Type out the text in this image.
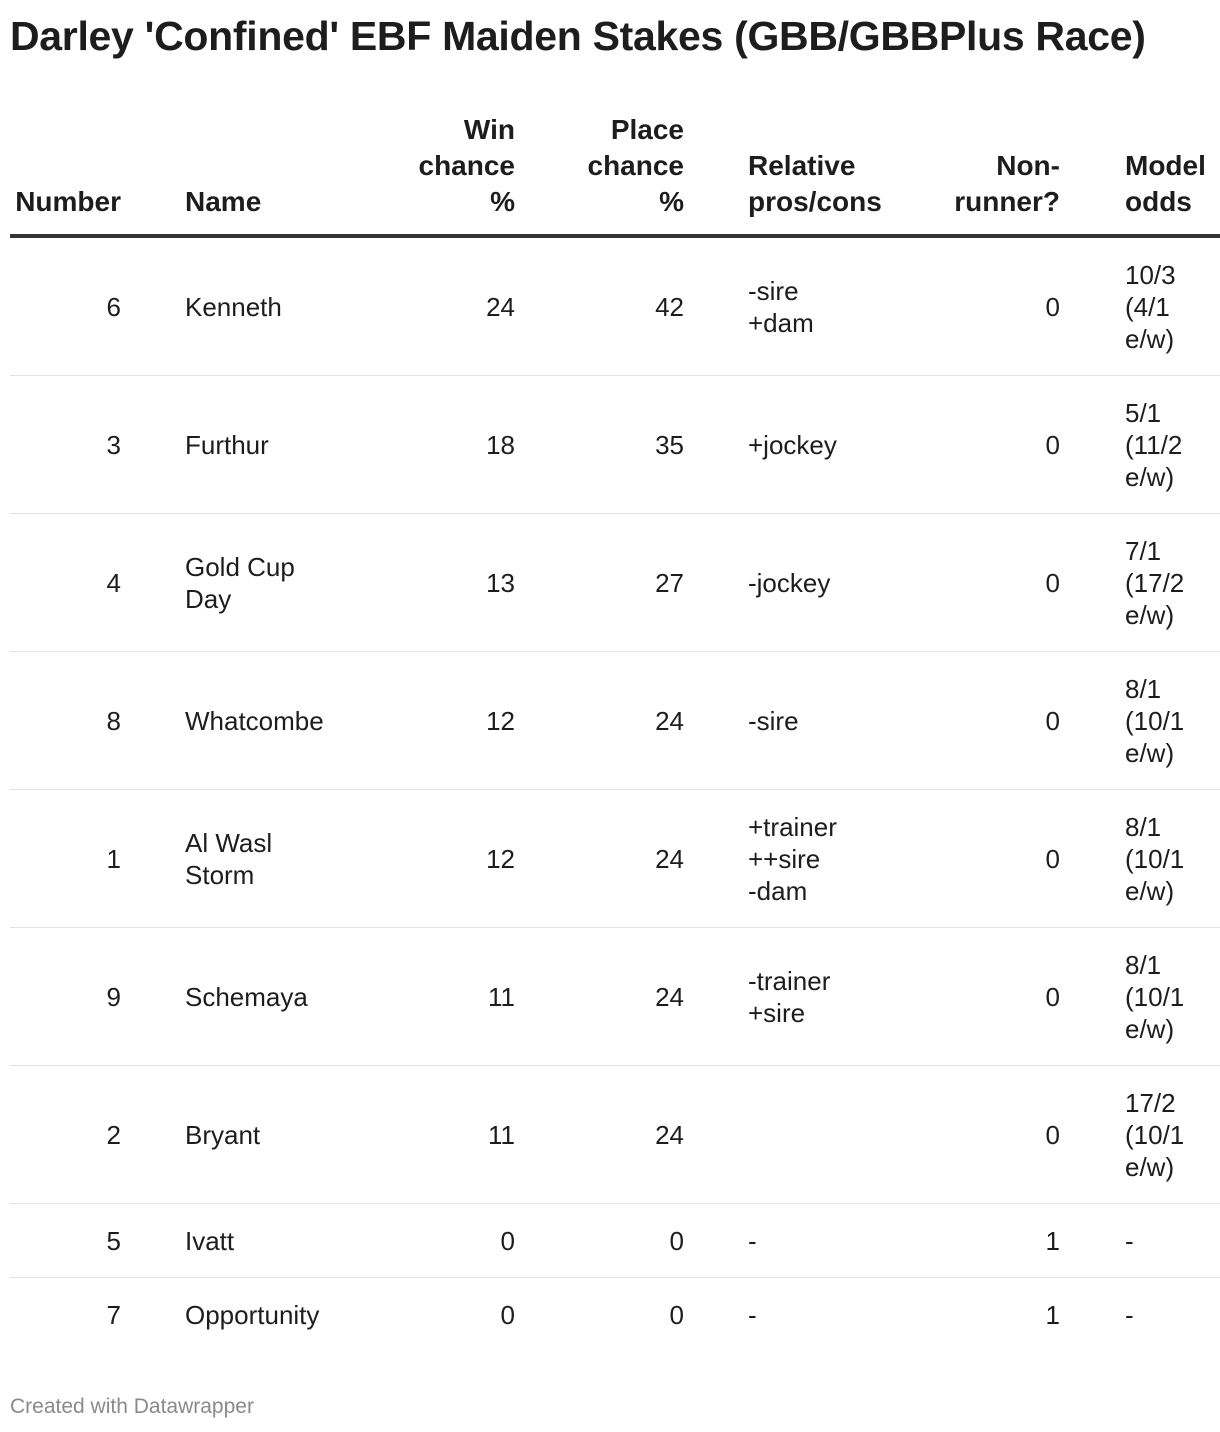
Darley 'Confined' EBF Maiden Stakes (GBB/GBBPlus Race)
Number	Name	Win
chance
%	Place
chance
%	Relative
pros/cons	Non-
runner?	Model
odds

6	Kenneth	24	42	-sire
+dam	0	10/3
(4/1
e/w)

3	Furthur	18	35	+jockey	0	5/1
(11/2
e/w)

4	Gold Cup
Day	13	27	-jockey	0	7/1
(17/2
e/w)

8	Whatcombe	12	24	-sire	0	8/1
(10/1
e/w)

1	Al Wasl
Storm	12	24	+trainer
++sire
-dam	0	8/1
(10/1
e/w)

9	Schemaya	11	24	-trainer
+sire	0	8/1
(10/1
e/w)

2	Bryant	11	24		0	17/2
(10/1
e/w)

5	Ivatt	0	0	-	1	-

7	Opportunity	0	0	-	1	-
Created with Datawrapper
